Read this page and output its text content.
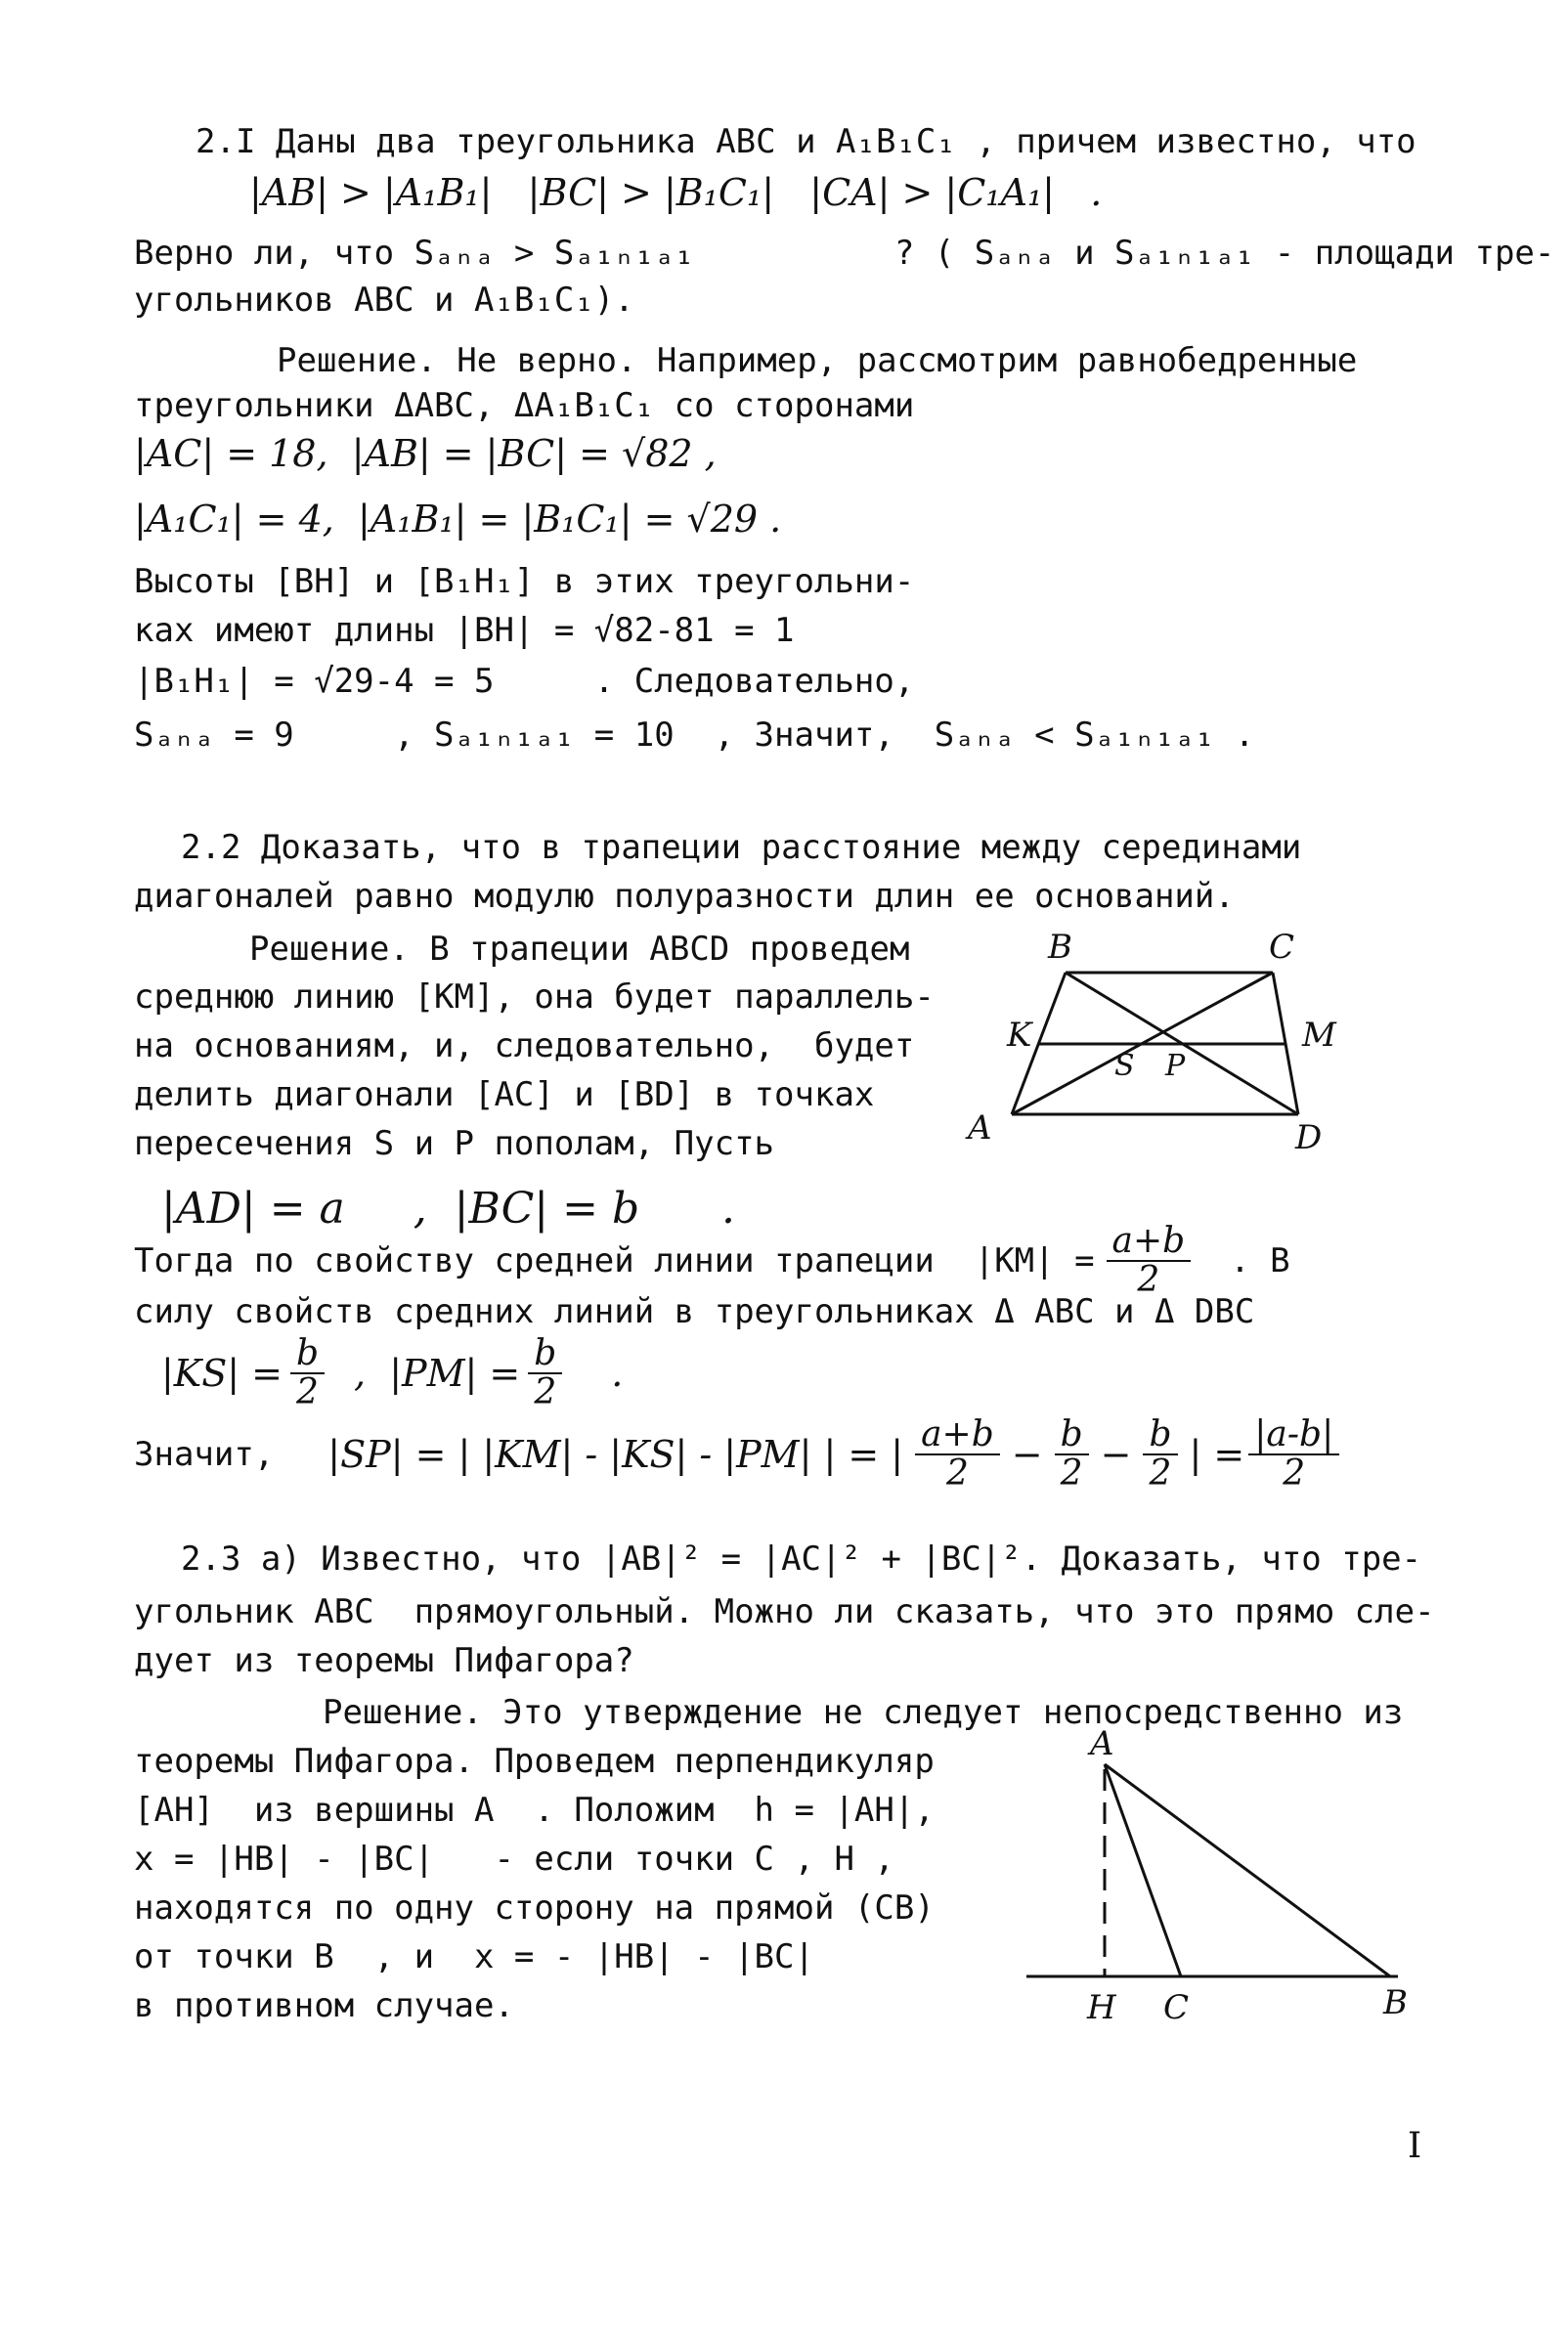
2.I Даны два треугольника ABC и A₁B₁C₁ , причем известно, что
|AB| > |A₁B₁|   |BC| > |B₁C₁|   |CA| > |C₁A₁|   .
Верно ли, что Sₐₙₐ > Sₐ₁ₙ₁ₐ₁          ? ( Sₐₙₐ и Sₐ₁ₙ₁ₐ₁ - площади тре-
угольников ABC и A₁B₁C₁).
Решение. Не верно. Например, рассмотрим равнобедренные
треугольники ΔABC, ΔA₁B₁C₁ со сторонами
|AC| = 18,  |AB| = |BC| = √82 ,
|A₁C₁| = 4,  |A₁B₁| = |B₁C₁| = √29 .
Высоты [BH] и [B₁H₁] в этих треугольни-
ках имеют длины |BH| = √82-81 = 1
|B₁H₁| = √29-4 = 5     . Следовательно,
Sₐₙₐ = 9     , Sₐ₁ₙ₁ₐ₁ = 10  , Значит,  Sₐₙₐ < Sₐ₁ₙ₁ₐ₁ .
2.2 Доказать, что в трапеции расстояние между серединами
диагоналей равно модулю полуразности длин ее оснований.
Решение. В трапеции ABCD проведем
среднюю линию [KM], она будет параллель-
на основаниям, и, следовательно,  будет
делить диагонали [AC] и [BD] в точках
пересечения S и P пополам, Пусть
B	C
K	M
S P
A	D
|AD| = a     ,  |BC| = b      .
Тогда по свойству средней линии трапеции  $|KM| = \frac{a+b}{2}$ . В
силу свойств средних линий в треугольниках Δ ABC и Δ DBC
$|KS| = \frac{b}{2}$ ,  $|PM| = \frac{b}{2}$ .
Значит, |SP| = | |KM| - |KS| - |PM| | = | $\frac{a+b}{2} - \frac{b}{2} - \frac{b}{2}$ | = $\frac{|a-b|}{2}$
2.3 а) Известно, что |AB|² = |AC|² + |BC|². Доказать, что тре-
угольник ABC  прямоугольный. Можно ли сказать, что это прямо сле-
дует из теоремы Пифагора?
Решение. Это утверждение не следует непосредственно из
теоремы Пифагора. Проведем перпендикуляр
[AH]  из вершины A  . Положим  h = |AH|,
x = |HB| - |BC|   - если точки C , H ,
находятся по одну сторону на прямой (CB)
от точки B  , и  x = - |HB| - |BC|
в противном случае.
A
H C	B
I
